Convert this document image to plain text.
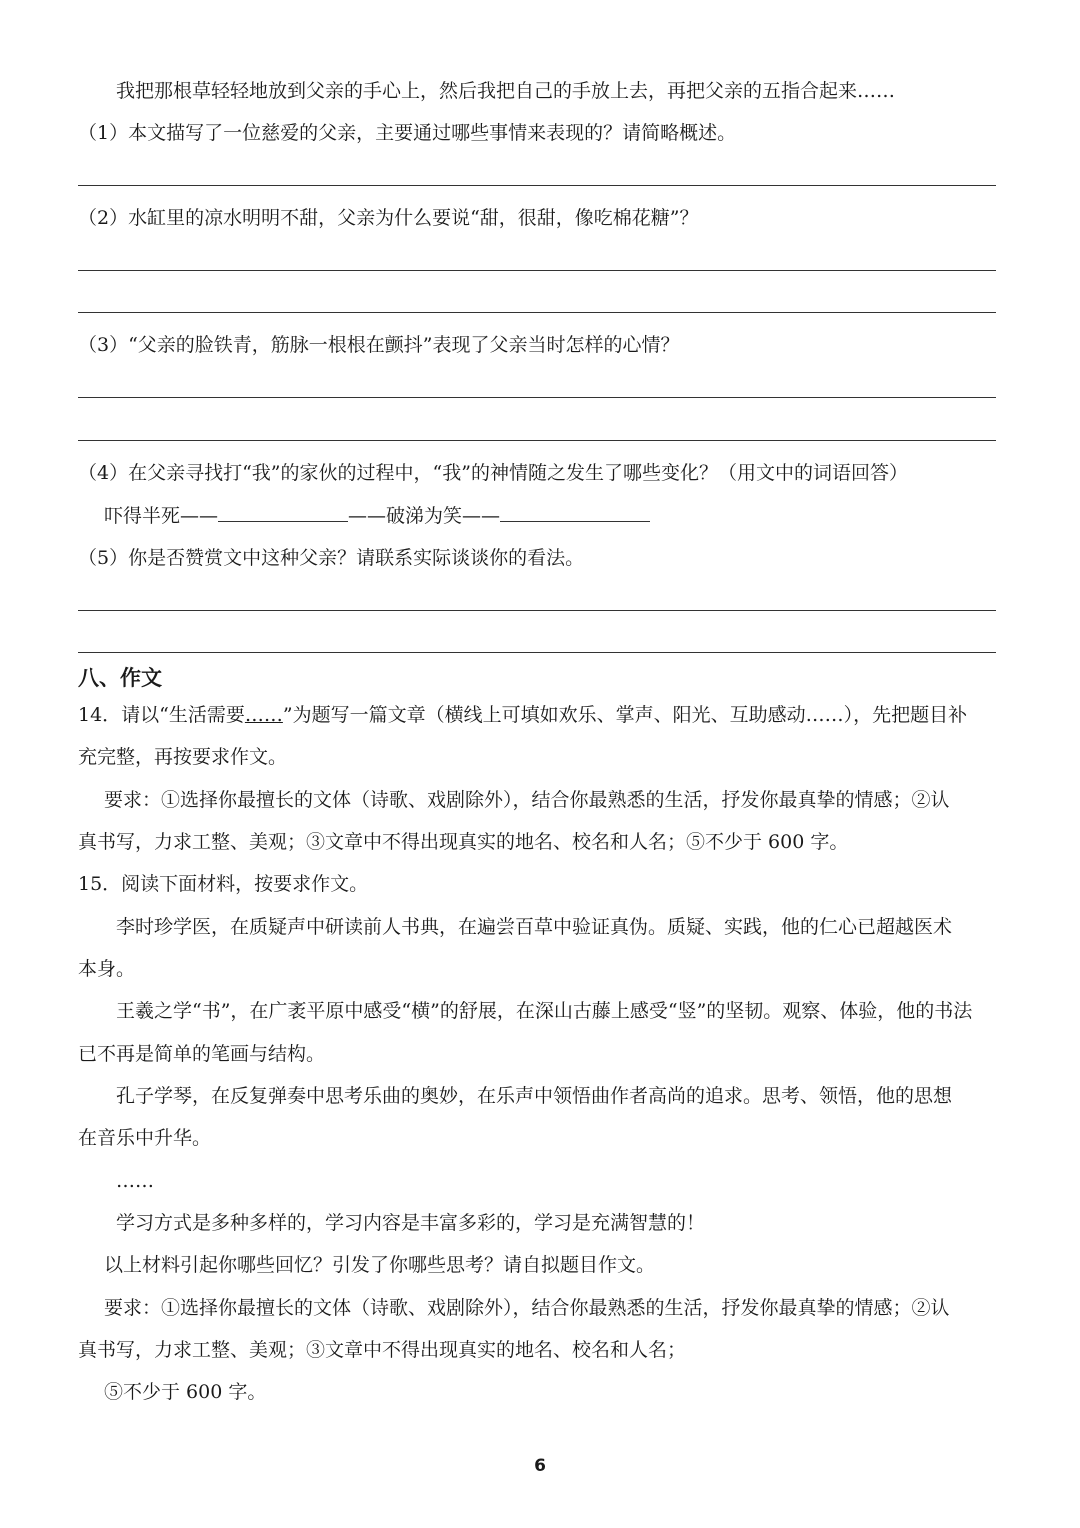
我把那根草轻轻地放到父亲的手心上，然后我把自己的手放上去，再把父亲的五指合起来……
（1）本文描写了一位慈爱的父亲，主要通过哪些事情来表现的？请简略概述。
（2）水缸里的凉水明明不甜，父亲为什么要说“甜，很甜，像吃棉花糖”？
（3）“父亲的脸铁青，筋脉一根根在颤抖”表现了父亲当时怎样的心情？
（4）在父亲寻找打“我”的家伙的过程中，“我”的神情随之发生了哪些变化？（用文中的词语回答）
吓得半死——	——破涕为笑——
（5）你是否赞赏文中这种父亲？请联系实际谈谈你的看法。
八、作文
14．请以“生活需要……”为题写一篇文章（横线上可填如欢乐、掌声、阳光、互助感动……），先把题目补
充完整，再按要求作文。
要求：①选择你最擅长的文体（诗歌、戏剧除外），结合你最熟悉的生活，抒发你最真挚的情感；②认
真书写，力求工整、美观；③文章中不得出现真实的地名、校名和人名；⑤不少于 600 字。
15．阅读下面材料，按要求作文。
李时珍学医，在质疑声中研读前人书典，在遍尝百草中验证真伪。质疑、实践，他的仁心已超越医术
本身。
王羲之学“书”，在广袤平原中感受“横”的舒展，在深山古藤上感受“竖”的坚韧。观察、体验，他的书法
已不再是简单的笔画与结构。
孔子学琴，在反复弹奏中思考乐曲的奥妙，在乐声中领悟曲作者高尚的追求。思考、领悟，他的思想
在音乐中升华。
……
学习方式是多种多样的，学习内容是丰富多彩的，学习是充满智慧的！
以上材料引起你哪些回忆？引发了你哪些思考？请自拟题目作文。
要求：①选择你最擅长的文体（诗歌、戏剧除外），结合你最熟悉的生活，抒发你最真挚的情感；②认
真书写，力求工整、美观；③文章中不得出现真实的地名、校名和人名；
⑤不少于 600 字。
6
